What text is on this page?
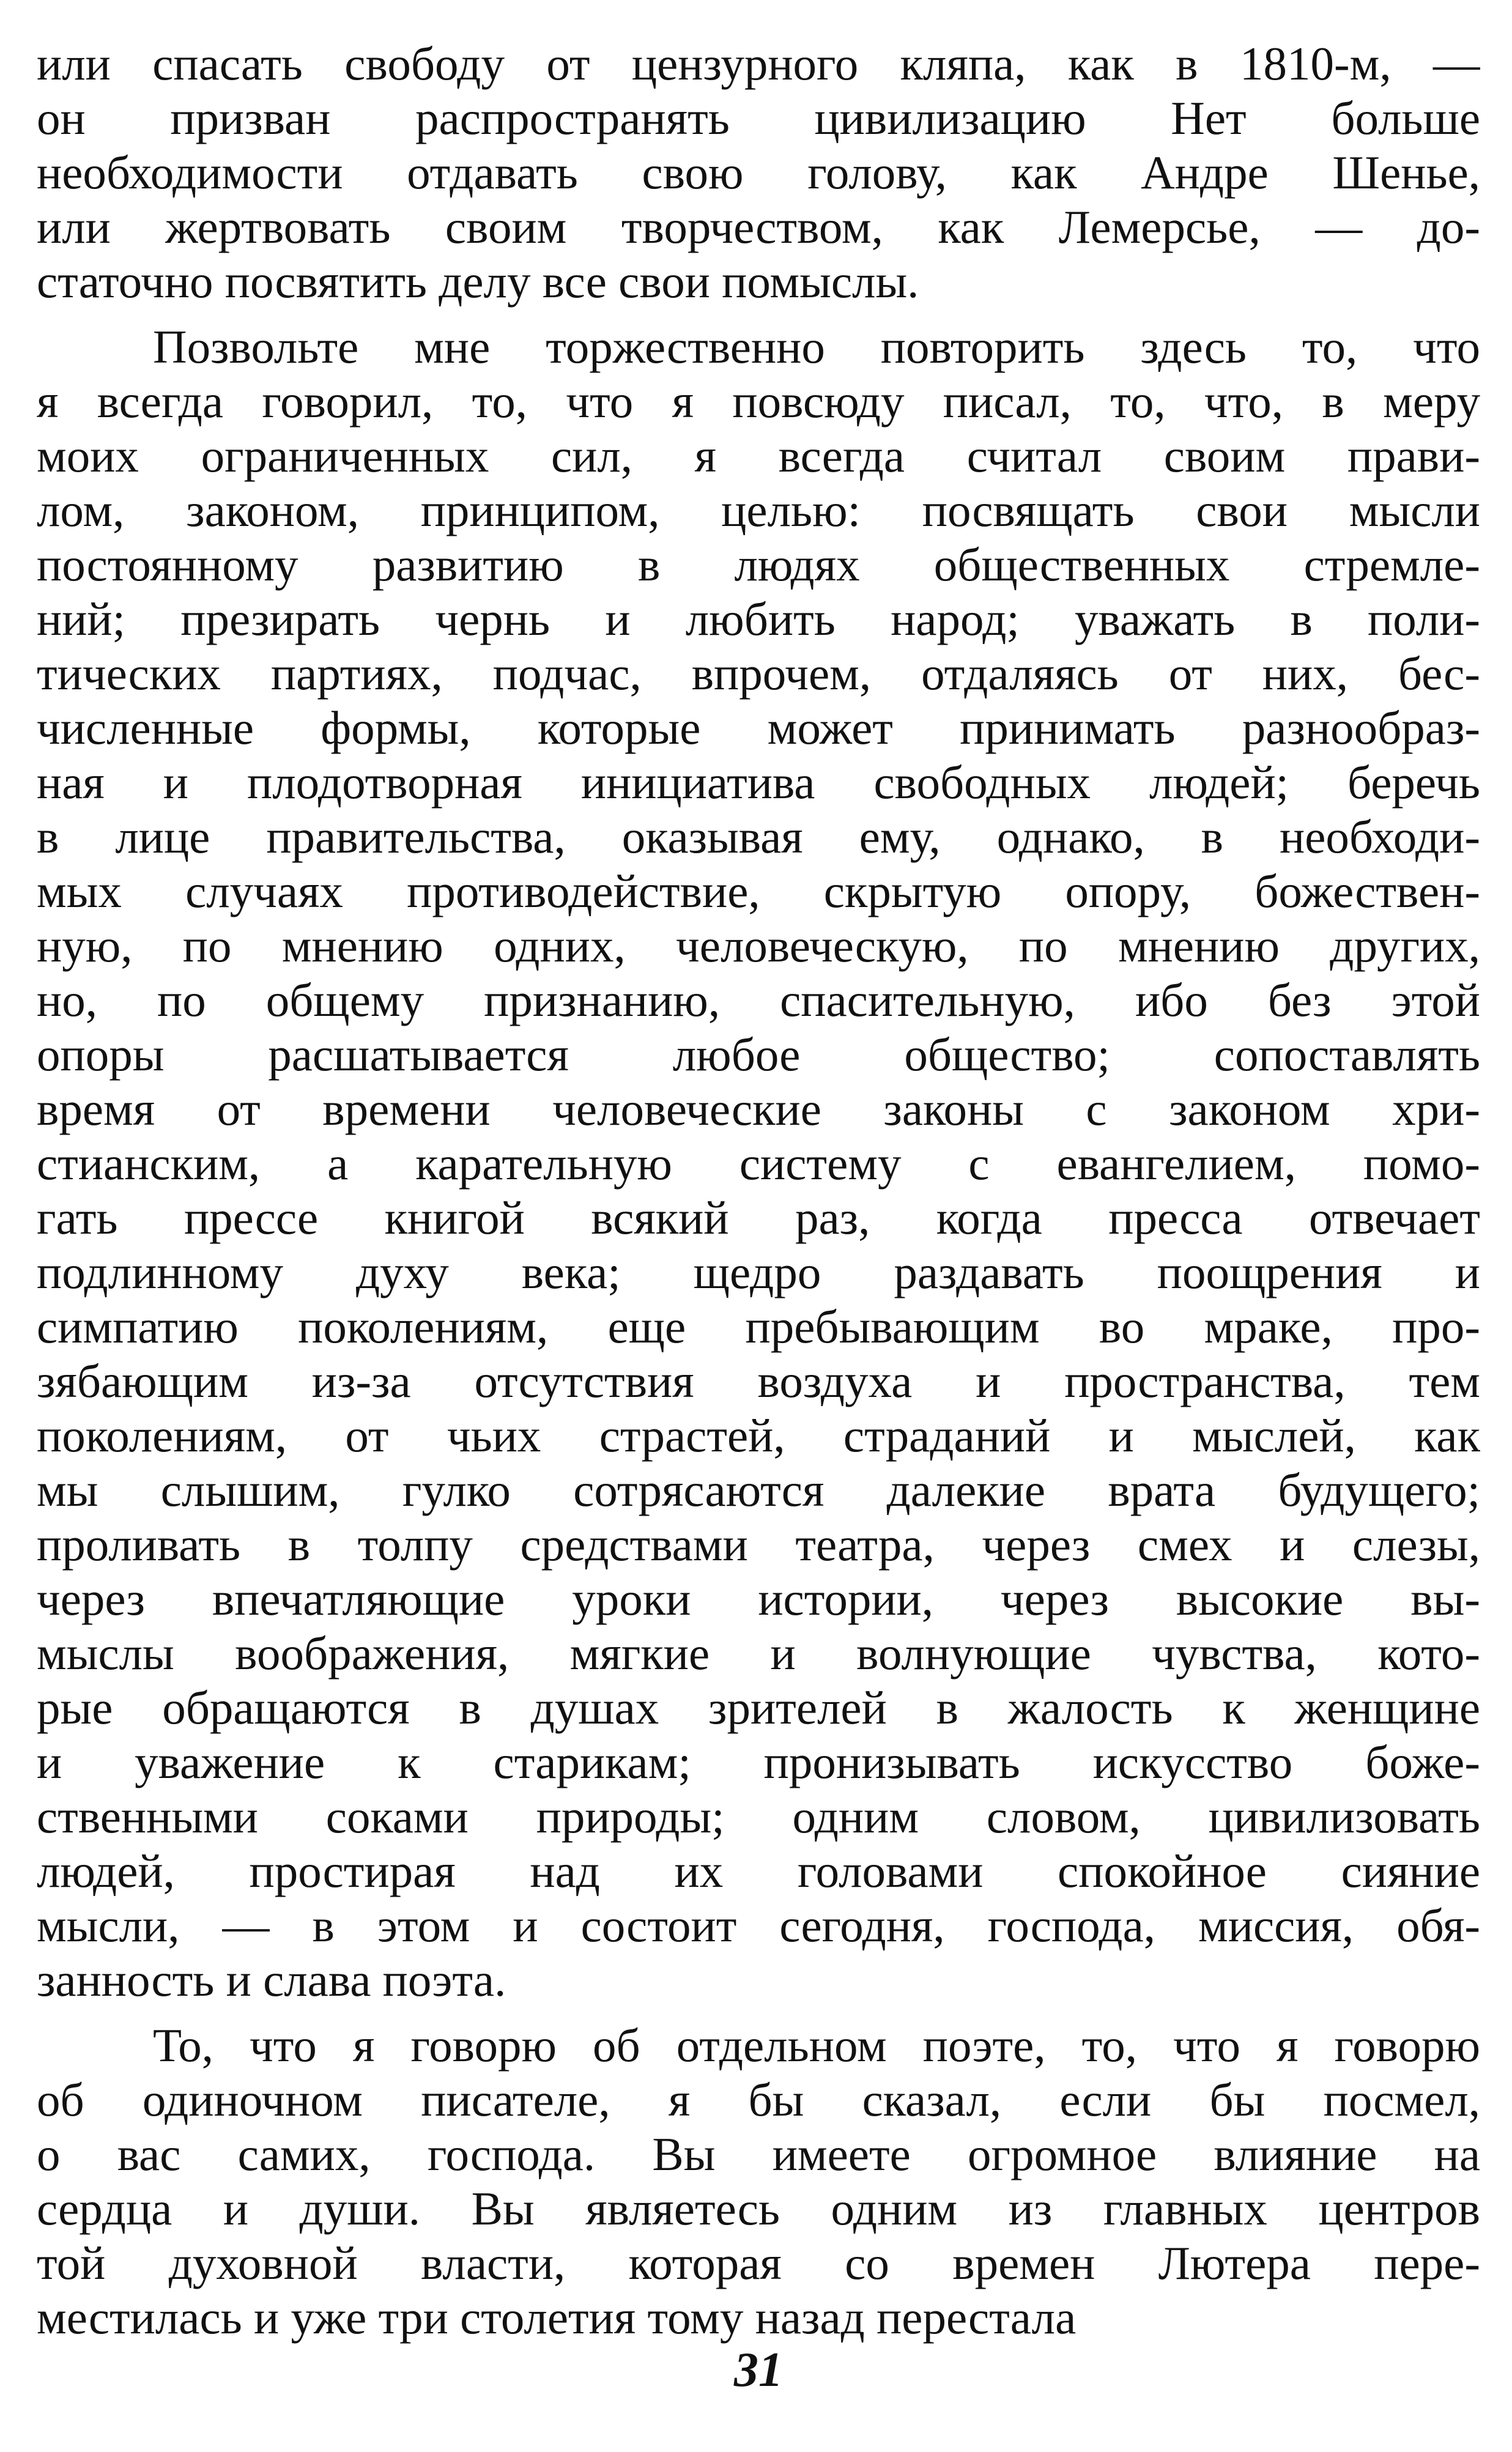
или спасать свободу от цензурного кляпа, как в 1810-м, —
он призван распространять цивилизацию Нет больше
необходимости отдавать свою голову, как Андре Шенье,
или жертвовать своим творчеством, как Лемерсье, — до-
статочно посвятить делу все свои помыслы.
Позвольте мне торжественно повторить здесь то, что
я всегда говорил, то, что я повсюду писал, то, что, в меру
моих ограниченных сил, я всегда считал своим прави-
лом, законом, принципом, целью: посвящать свои мысли
постоянному развитию в людях общественных стремле-
ний; презирать чернь и любить народ; уважать в поли-
тических партиях, подчас, впрочем, отдаляясь от них, бес-
численные формы, которые может принимать разнообраз-
ная и плодотворная инициатива свободных людей; беречь
в лице правительства, оказывая ему, однако, в необходи-
мых случаях противодействие, скрытую опору, божествен-
ную, по мнению одних, человеческую, по мнению других,
но, по общему признанию, спасительную, ибо без этой
опоры расшатывается любое общество; сопоставлять
время от времени человеческие законы с законом хри-
стианским, а карательную систему с евангелием, помо-
гать прессе книгой всякий раз, когда пресса отвечает
подлинному духу века; щедро раздавать поощрения и
симпатию поколениям, еще пребывающим во мраке, про-
зябающим из-за отсутствия воздуха и пространства, тем
поколениям, от чьих страстей, страданий и мыслей, как
мы слышим, гулко сотрясаются далекие врата будущего;
проливать в толпу средствами театра, через смех и слезы,
через впечатляющие уроки истории, через высокие вы-
мыслы воображения, мягкие и волнующие чувства, кото-
рые обращаются в душах зрителей в жалость к женщине
и уважение к старикам; пронизывать искусство боже-
ственными соками природы; одним словом, цивилизовать
людей, простирая над их головами спокойное сияние
мысли, — в этом и состоит сегодня, господа, миссия, обя-
занность и слава поэта.
То, что я говорю об отдельном поэте, то, что я говорю
об одиночном писателе, я бы сказал, если бы посмел,
о вас самих, господа. Вы имеете огромное влияние на
сердца и души. Вы являетесь одним из главных центров
той духовной власти, которая со времен Лютера пере-
местилась и уже три столетия тому назад перестала
31
